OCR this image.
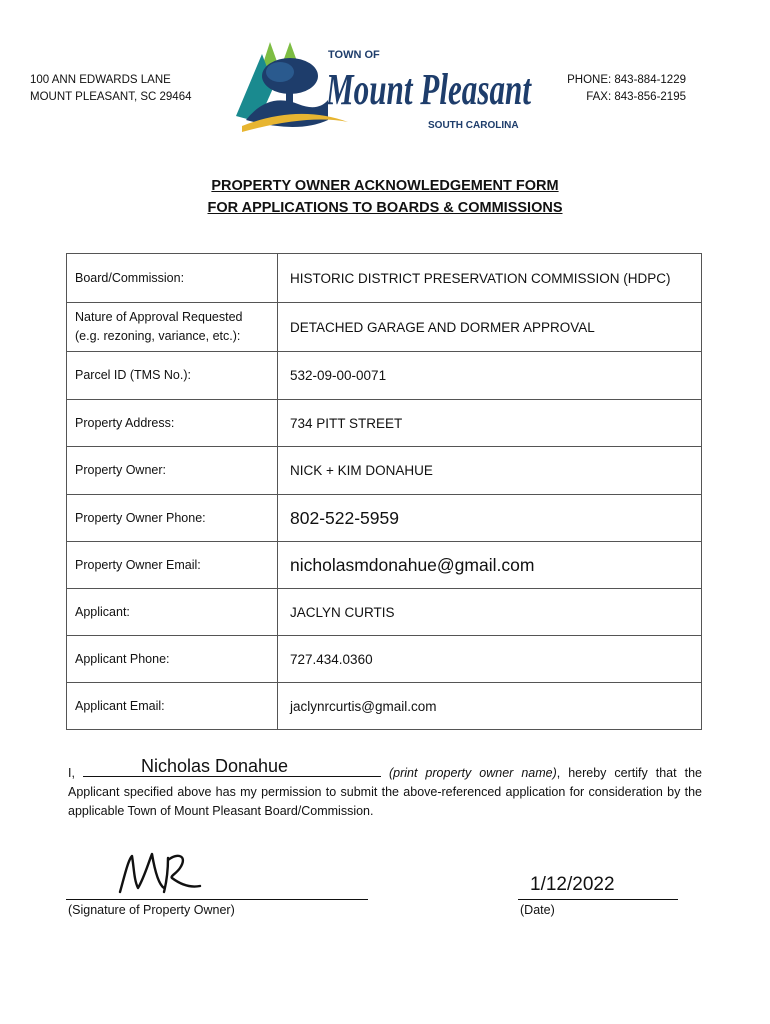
100 ANN EDWARDS LANE
MOUNT PLEASANT, SC 29464
TOWN OF
Mount Pleasant
SOUTH CAROLINA
PHONE: 843-884-1229
FAX: 843-856-2195
PROPERTY OWNER ACKNOWLEDGEMENT FORM
FOR APPLICATIONS TO BOARDS & COMMISSIONS
Board/Commission:	HISTORIC DISTRICT PRESERVATION COMMISSION (HDPC)

Nature of Approval Requested
(e.g. rezoning, variance, etc.):	DETACHED GARAGE AND DORMER APPROVAL
Parcel ID (TMS No.):	532-09-00-0071
Property Address:	734 PITT STREET
Property Owner:	NICK + KIM DONAHUE
Property Owner Phone:	802-522-5959
Property Owner Email:	nicholasmdonahue@gmail.com
Applicant:	JACLYN CURTIS
Applicant Phone:	727.434.0360
Applicant Email:	jaclynrcurtis@gmail.com
I,	Nicholas Donahue	(print property owner name), hereby certify that the Applicant specified above has my permission to submit the above-referenced application for consideration by the applicable Town of Mount Pleasant Board/Commission.
(Signature of Property Owner)
1/12/2022
(Date)
